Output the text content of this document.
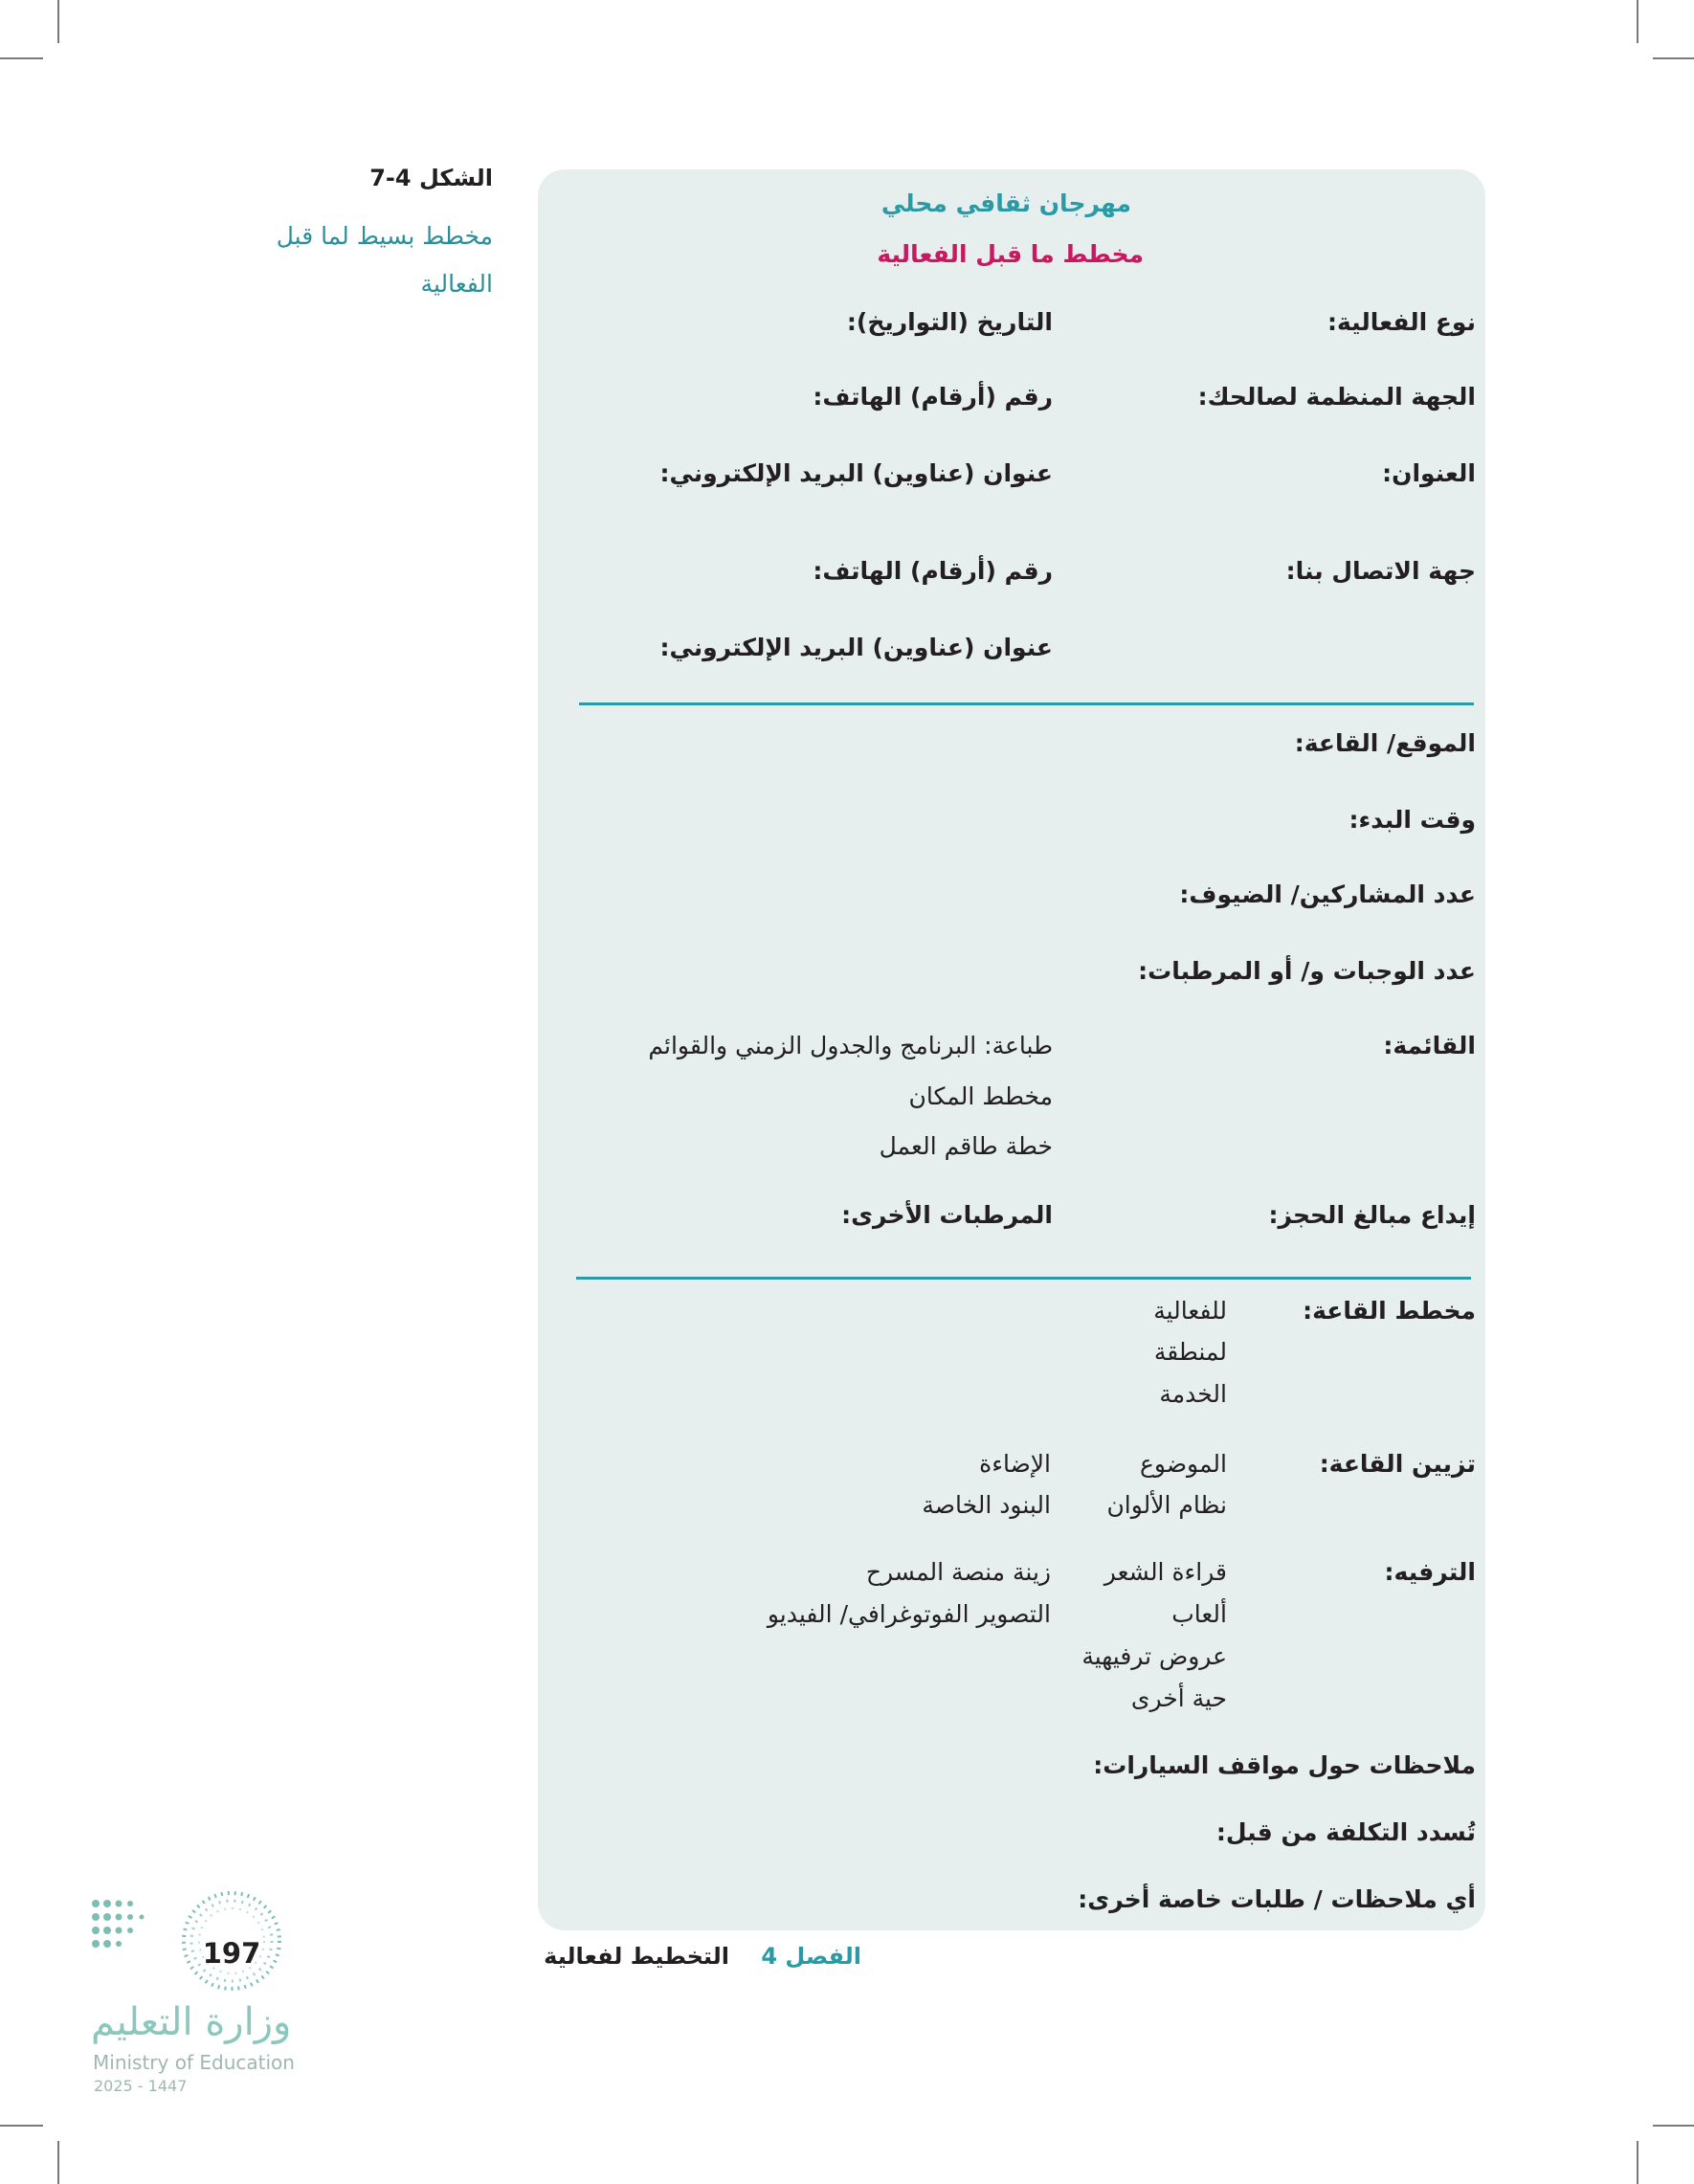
الشكل 4-7
مخطط بسيط لما قبل الفعالية
مهرجان ثقافي محلي
مخطط ما قبل الفعالية
نوع الفعالية:
التاريخ (التواريخ):
الجهة المنظمة لصالحك:
رقم (أرقام) الهاتف:
العنوان:
عنوان (عناوين) البريد الإلكتروني:
جهة الاتصال بنا:
رقم (أرقام) الهاتف:
عنوان (عناوين) البريد الإلكتروني:
الموقع/ القاعة:
وقت البدء:
عدد المشاركين/ الضيوف:
عدد الوجبات و/ أو المرطبات:
القائمة:
طباعة: البرنامج والجدول الزمني والقوائم
مخطط المكان
خطة طاقم العمل
إيداع مبالغ الحجز:
المرطبات الأخرى:
مخطط القاعة:
للفعالية
لمنطقة
الخدمة
تزيين القاعة:
الموضوع
نظام الألوان
الإضاءة
البنود الخاصة
الترفيه:
قراءة الشعر
ألعاب
عروض ترفيهية
حية أخرى
زينة منصة المسرح
التصوير الفوتوغرافي/ الفيديو
ملاحظات حول مواقف السيارات:
تُسدد التكلفة من قبل:
أي ملاحظات / طلبات خاصة أخرى:
الفصل 4    التخطيط لفعالية
197
وزارة التعليم
Ministry of Education
2025 - 1447
